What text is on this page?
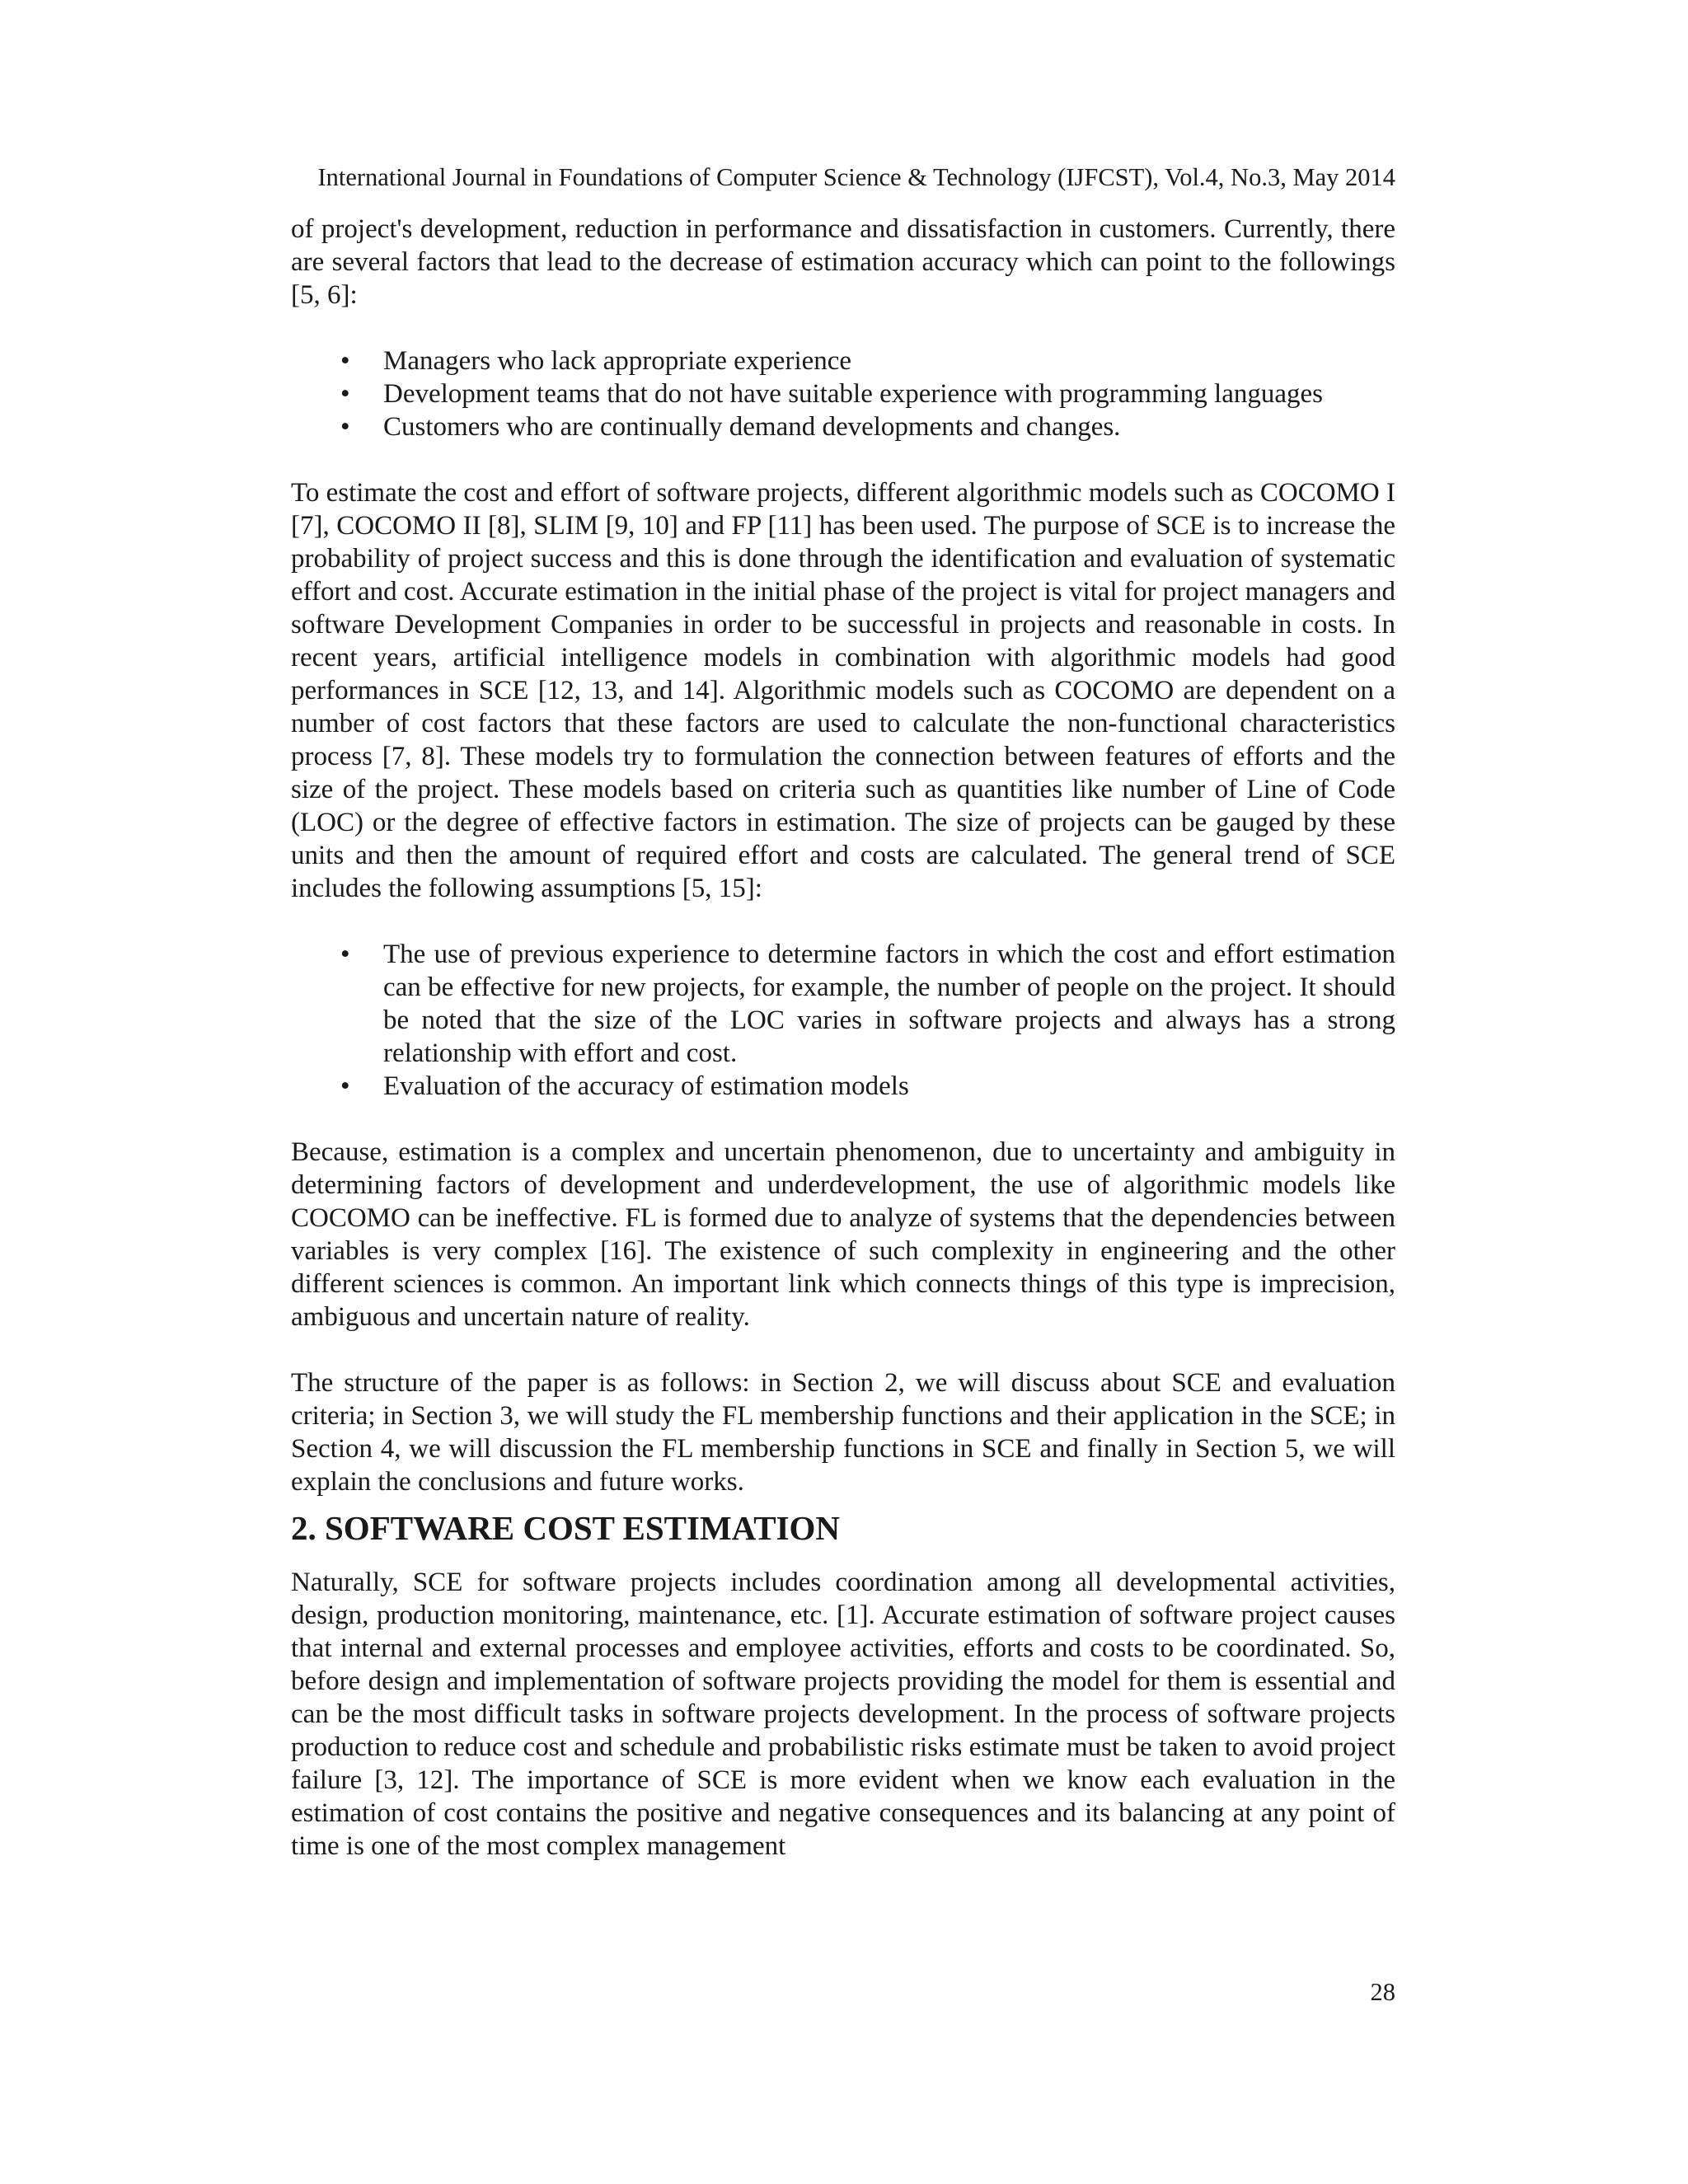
International Journal in Foundations of Computer Science & Technology (IJFCST), Vol.4, No.3, May 2014

of project's development, reduction in performance and dissatisfaction in customers. Currently, there are several factors that lead to the decrease of estimation accuracy which can point to the followings [5, 6]:

• Managers who lack appropriate experience
• Development teams that do not have suitable experience with programming languages
• Customers who are continually demand developments and changes.

To estimate the cost and effort of software projects, different algorithmic models such as COCOMO I [7], COCOMO II [8], SLIM [9, 10] and FP [11] has been used. The purpose of SCE is to increase the probability of project success and this is done through the identification and evaluation of systematic effort and cost. Accurate estimation in the initial phase of the project is vital for project managers and software Development Companies in order to be successful in projects and reasonable in costs. In recent years, artificial intelligence models in combination with algorithmic models had good performances in SCE [12, 13, and 14]. Algorithmic models such as COCOMO are dependent on a number of cost factors that these factors are used to calculate the non-functional characteristics process [7, 8]. These models try to formulation the connection between features of efforts and the size of the project. These models based on criteria such as quantities like number of Line of Code (LOC) or the degree of effective factors in estimation. The size of projects can be gauged by these units and then the amount of required effort and costs are calculated. The general trend of SCE includes the following assumptions [5, 15]:

• The use of previous experience to determine factors in which the cost and effort estimation can be effective for new projects, for example, the number of people on the project. It should be noted that the size of the LOC varies in software projects and always has a strong relationship with effort and cost.
• Evaluation of the accuracy of estimation models

Because, estimation is a complex and uncertain phenomenon, due to uncertainty and ambiguity in determining factors of development and underdevelopment, the use of algorithmic models like COCOMO can be ineffective. FL is formed due to analyze of systems that the dependencies between variables is very complex [16]. The existence of such complexity in engineering and the other different sciences is common. An important link which connects things of this type is imprecision, ambiguous and uncertain nature of reality.

The structure of the paper is as follows: in Section 2, we will discuss about SCE and evaluation criteria; in Section 3, we will study the FL membership functions and their application in the SCE; in Section 4, we will discussion the FL membership functions in SCE and finally in Section 5, we will explain the conclusions and future works.

2. SOFTWARE COST ESTIMATION

Naturally, SCE for software projects includes coordination among all developmental activities, design, production monitoring, maintenance, etc. [1]. Accurate estimation of software project causes that internal and external processes and employee activities, efforts and costs to be coordinated. So, before design and implementation of software projects providing the model for them is essential and can be the most difficult tasks in software projects development. In the process of software projects production to reduce cost and schedule and probabilistic risks estimate must be taken to avoid project failure [3, 12]. The importance of SCE is more evident when we know each evaluation in the estimation of cost contains the positive and negative consequences and its balancing at any point of time is one of the most complex management

28
